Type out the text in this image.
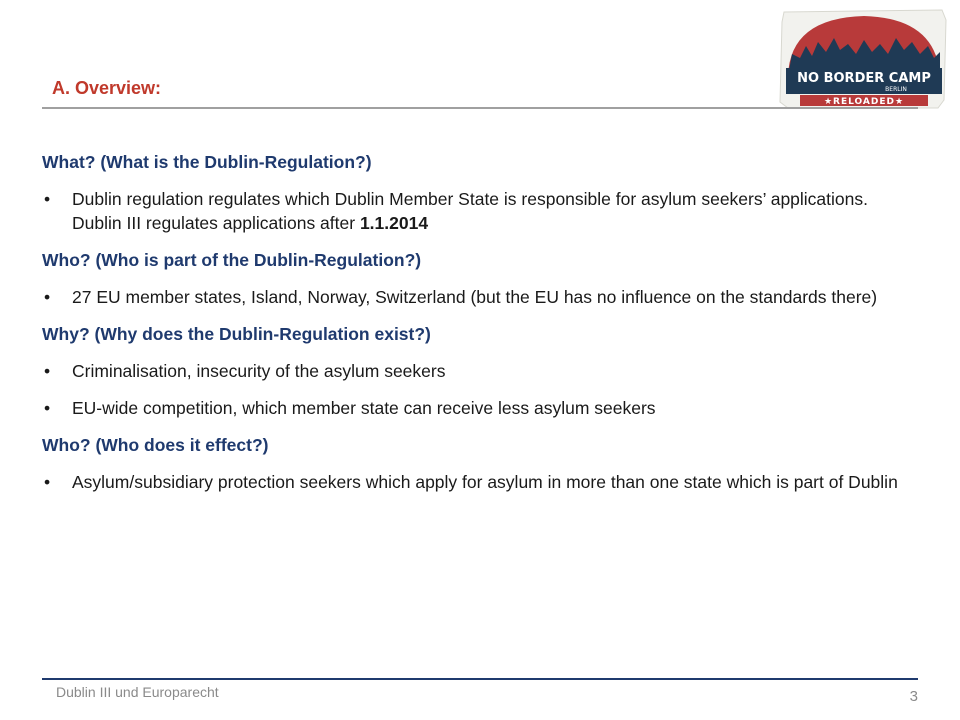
A. Overview:	NO BORDER CAMP
BERLIN
★RELOADED★
What? (What is the Dublin-Regulation?)
• Dublin regulation regulates which Dublin Member State is responsible for asylum seekers’ applications. Dublin III regulates applications after 1.1.2014
Who? (Who is part of the Dublin-Regulation?)
• 27 EU member states, Island, Norway, Switzerland (but the EU has no influence on the standards there)
Why? (Why does the Dublin-Regulation exist?)
• Criminalisation, insecurity of the asylum seekers
• EU-wide competition, which member state can receive less asylum seekers
Who? (Who does it effect?)
• Asylum/subsidiary protection seekers which apply for asylum in more than one state which is part of Dublin
Dublin III und Europarecht	3
